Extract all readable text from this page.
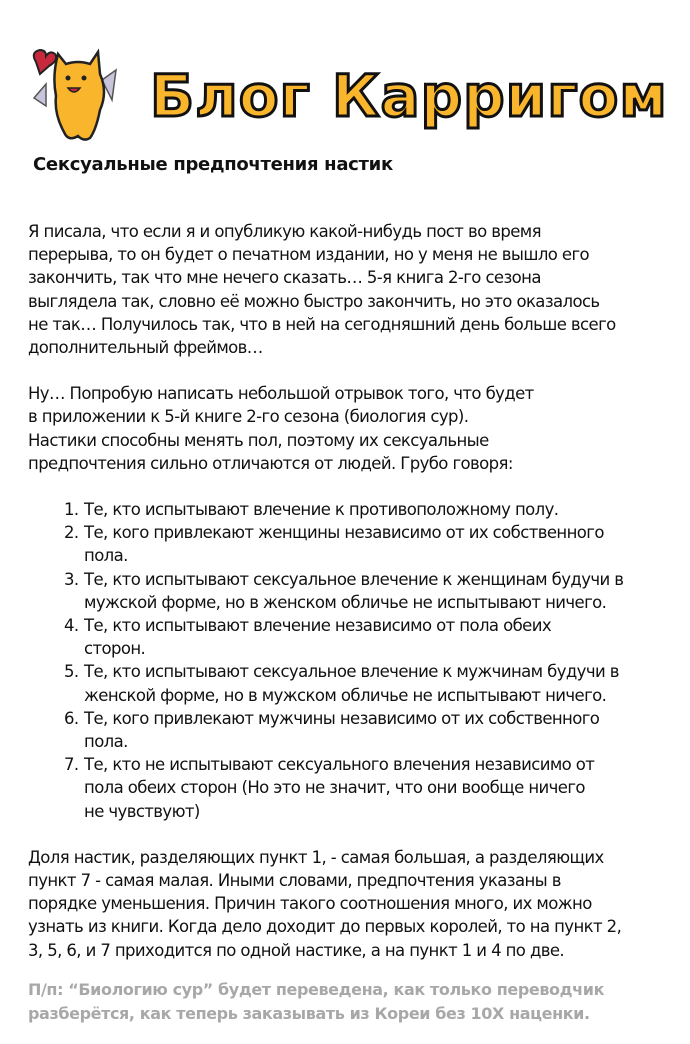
Блог Карригом
Сексуальные предпочтения настик
Я писала, что если я и опубликую какой-нибудь пост во время
перерыва, то он будет о печатном издании, но у меня не вышло его
закончить, так что мне нечего сказать… 5-я книга 2-го сезона
выглядела так, словно её можно быстро закончить, но это оказалось
не так… Получилось так, что в ней на сегодняшний день больше всего
дополнительный фреймов…
Ну… Попробую написать небольшой отрывок того, что будет
в приложении к 5-й книге 2-го сезона (биология сур).
Настики способны менять пол, поэтому их сексуальные
предпочтения сильно отличаются от людей. Грубо говоря:
1. Те, кто испытывают влечение к противоположному полу.
2. Те, кого привлекают женщины независимо от их собственного
пола.
3. Те, кто испытывают сексуальное влечение к женщинам будучи в
мужской форме, но в женском обличье не испытывают ничего.
4. Те, кто испытывают влечение независимо от пола обеих
сторон.
5. Те, кто испытывают сексуальное влечение к мужчинам будучи в
женской форме, но в мужском обличье не испытывают ничего.
6. Те, кого привлекают мужчины независимо от их собственного
пола.
7. Те, кто не испытывают сексуального влечения независимо от
пола обеих сторон (Но это не значит, что они вообще ничего
не чувствуют)
Доля настик, разделяющих пункт 1, - самая большая, а разделяющих
пункт 7 - самая малая. Иными словами, предпочтения указаны в
порядке уменьшения. Причин такого соотношения много, их можно
узнать из книги. Когда дело доходит до первых королей, то на пункт 2,
3, 5, 6, и 7 приходится по одной настике, а на пункт 1 и 4 по две.
П/п: “Биологию сур” будет переведена, как только переводчик
разберётся, как теперь заказывать из Кореи без 10Х наценки.
